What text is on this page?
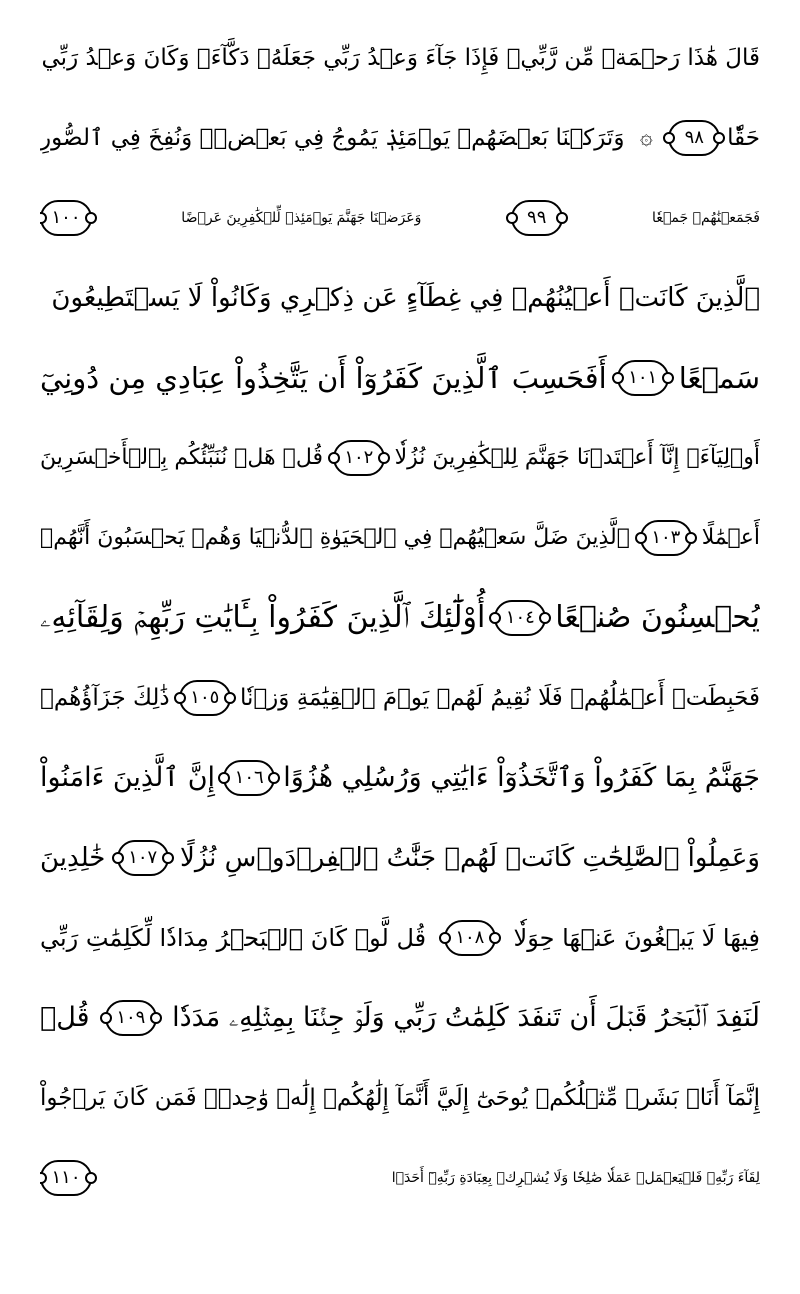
قَالَ هَٰذَا رَحۡمَةٞ مِّن رَّبِّيۖ فَإِذَا جَآءَ وَعۡدُ رَبِّي جَعَلَهُۥ دَكَّآءَۖ وَكَانَ وَعۡدُ رَبِّي
حَقّٗا
٩٨
۞
وَتَرَكۡنَا بَعۡضَهُمۡ يَوۡمَئِذٖ يَمُوجُ فِي بَعۡضٖۖ وَنُفِخَ فِي ٱلصُّورِ
فَجَمَعۡنَٰهُمۡ جَمۡعٗا
٩٩
وَعَرَضۡنَا جَهَنَّمَ يَوۡمَئِذٖ لِّلۡكَٰفِرِينَ عَرۡضًا
١٠٠
ٱلَّذِينَ كَانَتۡ أَعۡيُنُهُمۡ فِي غِطَآءٍ عَن ذِكۡرِي وَكَانُواْ لَا يَسۡتَطِيعُونَ
سَمۡعًا
١٠١
أَفَحَسِبَ ٱلَّذِينَ كَفَرُوٓاْ أَن يَتَّخِذُواْ عِبَادِي مِن دُونِيٓ
أَوۡلِيَآءَۚ إِنَّآ أَعۡتَدۡنَا جَهَنَّمَ لِلۡكَٰفِرِينَ نُزُلٗا
١٠٢
قُلۡ هَلۡ نُنَبِّئُكُم بِٱلۡأَخۡسَرِينَ
أَعۡمَٰلًا
١٠٣
ٱلَّذِينَ ضَلَّ سَعۡيُهُمۡ فِي ٱلۡحَيَوٰةِ ٱلدُّنۡيَا وَهُمۡ يَحۡسَبُونَ أَنَّهُمۡ
يُحۡسِنُونَ صُنۡعًا
١٠٤
أُوْلَٰٓئِكَ ٱلَّذِينَ كَفَرُواْ بِـَٔايَٰتِ رَبِّهِمۡ وَلِقَآئِهِۦ
فَحَبِطَتۡ أَعۡمَٰلُهُمۡ فَلَا نُقِيمُ لَهُمۡ يَوۡمَ ٱلۡقِيَٰمَةِ وَزۡنٗا
١٠٥
ذَٰلِكَ جَزَآؤُهُمۡ
جَهَنَّمُ بِمَا كَفَرُواْ وَٱتَّخَذُوٓاْ ءَايَٰتِي وَرُسُلِي هُزُوًا
١٠٦
إِنَّ ٱلَّذِينَ ءَامَنُواْ
وَعَمِلُواْ ٱلصَّٰلِحَٰتِ كَانَتۡ لَهُمۡ جَنَّٰتُ ٱلۡفِرۡدَوۡسِ نُزُلًا
١٠٧
خَٰلِدِينَ
فِيهَا لَا يَبۡغُونَ عَنۡهَا حِوَلٗا
١٠٨
قُل لَّوۡ كَانَ ٱلۡبَحۡرُ مِدَادٗا لِّكَلِمَٰتِ رَبِّي
لَنَفِدَ ٱلۡبَحۡرُ قَبۡلَ أَن تَنفَدَ كَلِمَٰتُ رَبِّي وَلَوۡ جِئۡنَا بِمِثۡلِهِۦ مَدَدٗا
١٠٩
قُلۡ
إِنَّمَآ أَنَا۠ بَشَرٞ مِّثۡلُكُمۡ يُوحَىٰٓ إِلَيَّ أَنَّمَآ إِلَٰهُكُمۡ إِلَٰهٞ وَٰحِدٞۖ فَمَن كَانَ يَرۡجُواْ
لِقَآءَ رَبِّهِۦ فَلۡيَعۡمَلۡ عَمَلٗا صَٰلِحٗا وَلَا يُشۡرِكۡ بِعِبَادَةِ رَبِّهِۦٓ أَحَدَۢا
١١٠
